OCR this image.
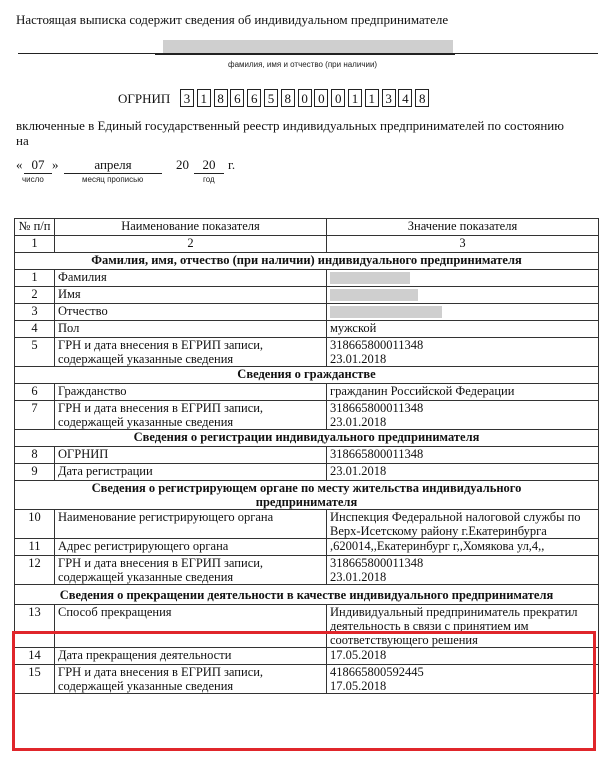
Настоящая выписка содержит сведения об индивидуальном предпринимателе
фамилия, имя и отчество (при наличии)
ОГРНИП 3 1 8 6 6 5 8 0 0 0 1 1 3 4 8
включенные в Единый государственный реестр индивидуальных предпринимателей по состоянию на
« 07 »	апреля	20	20 г.
число	месяц прописью	год
№ п/п	Наименование показателя	Значение показателя
1	2	3
Фамилия, имя, отчество (при наличии) индивидуального предпринимателя		
1	Фамилия	
2	Имя	
3	Отчество	
4	Пол	мужской
5	ГРН и дата внесения в ЕГРИП записи, содержащей указанные сведения	318665800011348
23.01.2018

Сведения о гражданстве		
6	Гражданство	гражданин Российской Федерации
7	ГРН и дата внесения в ЕГРИП записи, содержащей указанные сведения	318665800011348
23.01.2018

Сведения о регистрации индивидуального предпринимателя		
8	ОГРНИП	318665800011348
9	Дата регистрации	23.01.2018
Сведения о регистрирующем органе по месту жительства индивидуального предпринимателя		
10	Наименование регистрирующего органа	Инспекция Федеральной налоговой службы по Верх-Исетскому району г.Екатеринбурга
11	Адрес регистрирующего органа	,620014,,Екатеринбург г,,Хомякова ул,4,,
12	ГРН и дата внесения в ЕГРИП записи, содержащей указанные сведения	318665800011348
23.01.2018

Сведения о прекращении деятельности в качестве индивидуального предпринимателя		
13	Способ прекращения	Индивидуальный предприниматель прекратил деятельность в связи с принятием им соответствующего решения
14	Дата прекращения деятельности	17.05.2018
15	ГРН и дата внесения в ЕГРИП записи, содержащей указанные сведения	418665800592445
17.05.2018
